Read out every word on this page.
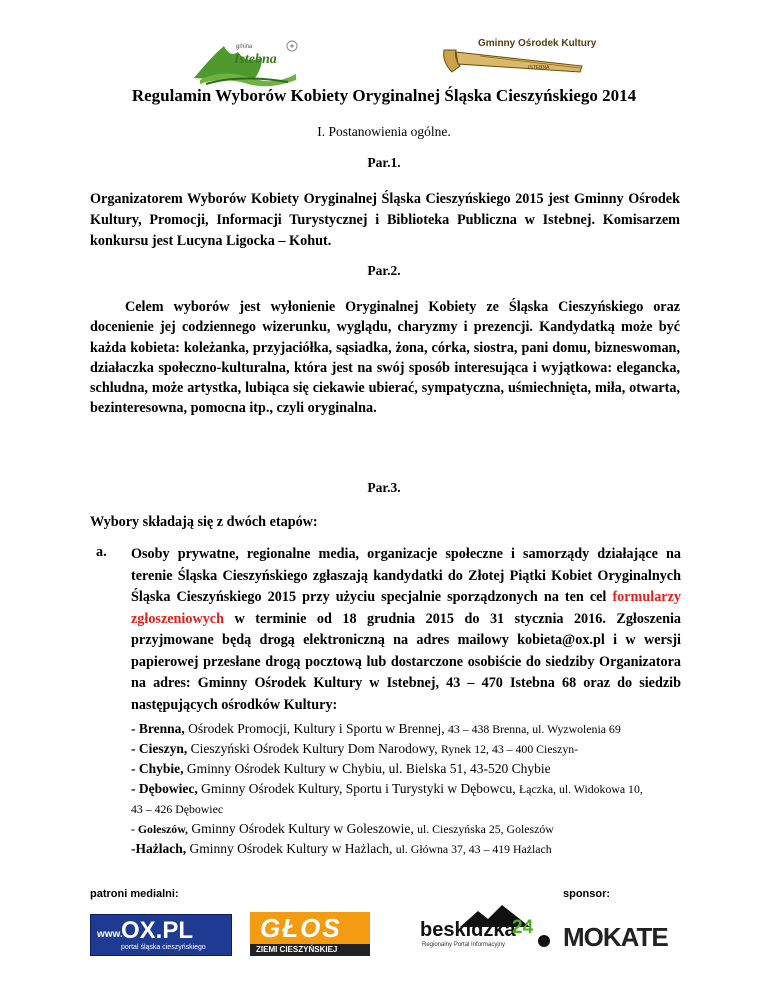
gmina
Istebna
Gminny Ośrodek Kultury
ISTEBNA
Regulamin Wyborów Kobiety Oryginalnej Śląska Cieszyńskiego 2014
I. Postanowienia ogólne.
Par.1.
Organizatorem Wyborów Kobiety Oryginalnej Śląska Cieszyńskiego 2015 jest Gminny Ośrodek Kultury, Promocji, Informacji Turystycznej i Biblioteka Publiczna w Istebnej. Komisarzem konkursu jest Lucyna Ligocka – Kohut.
Par.2.
Celem wyborów jest wyłonienie Oryginalnej Kobiety ze Śląska Cieszyńskiego oraz docenienie jej codziennego wizerunku, wyglądu, charyzmy i prezencji. Kandydatką może być każda kobieta: koleżanka, przyjaciółka, sąsiadka, żona, córka, siostra, pani domu, bizneswoman, działaczka społeczno-kulturalna, która jest na swój sposób interesująca i wyjątkowa: elegancka, schludna, może artystka, lubiąca się ciekawie ubierać, sympatyczna, uśmiechnięta, miła, otwarta, bezinteresowna, pomocna itp., czyli oryginalna.
Par.3.
Wybory składają się z dwóch etapów:
a. Osoby prywatne, regionalne media, organizacje społeczne i samorządy działające na terenie Śląska Cieszyńskiego zgłaszają kandydatki do Złotej Piątki Kobiet Oryginalnych Śląska Cieszyńskiego 2015 przy użyciu specjalnie sporządzonych na ten cel formularzy zgłoszeniowych w terminie od 18 grudnia 2015 do 31 stycznia 2016. Zgłoszenia przyjmowane będą drogą elektroniczną na adres mailowy kobieta@ox.pl i w wersji papierowej przesłane drogą pocztową lub dostarczone osobiście do siedziby Organizatora na adres: Gminny Ośrodek Kultury w Istebnej, 43 – 470 Istebna 68 oraz do siedzib następujących ośrodków Kultury:
- Brenna, Ośrodek Promocji, Kultury i Sportu w Brennej, 43 – 438 Brenna, ul. Wyzwolenia 69
- Cieszyn, Cieszyński Ośrodek Kultury Dom Narodowy, Rynek 12, 43 – 400 Cieszyn-
- Chybie, Gminny Ośrodek Kultury w Chybiu, ul. Bielska 51, 43-520 Chybie
- Dębowiec, Gminny Ośrodek Kultury, Sportu i Turystyki w Dębowcu, Łączka, ul. Widokowa 10,
43 – 426 Dębowiec
- Goleszów, Gminny Ośrodek Kultury w Goleszowie, ul. Cieszyńska 25, Goleszów
-Hażlach, Gminny Ośrodek Kultury w Hażlach, ul. Główna 37, 43 – 419 Hażlach
patroni medialni:	sponsor:
www.
OX.PL
portal śląska cieszyńskiego
GŁOS
ZIEMI CIESZYŃSKIEJ
beskidzka
24
Regionalny Portal Informacyjny MOKATE
